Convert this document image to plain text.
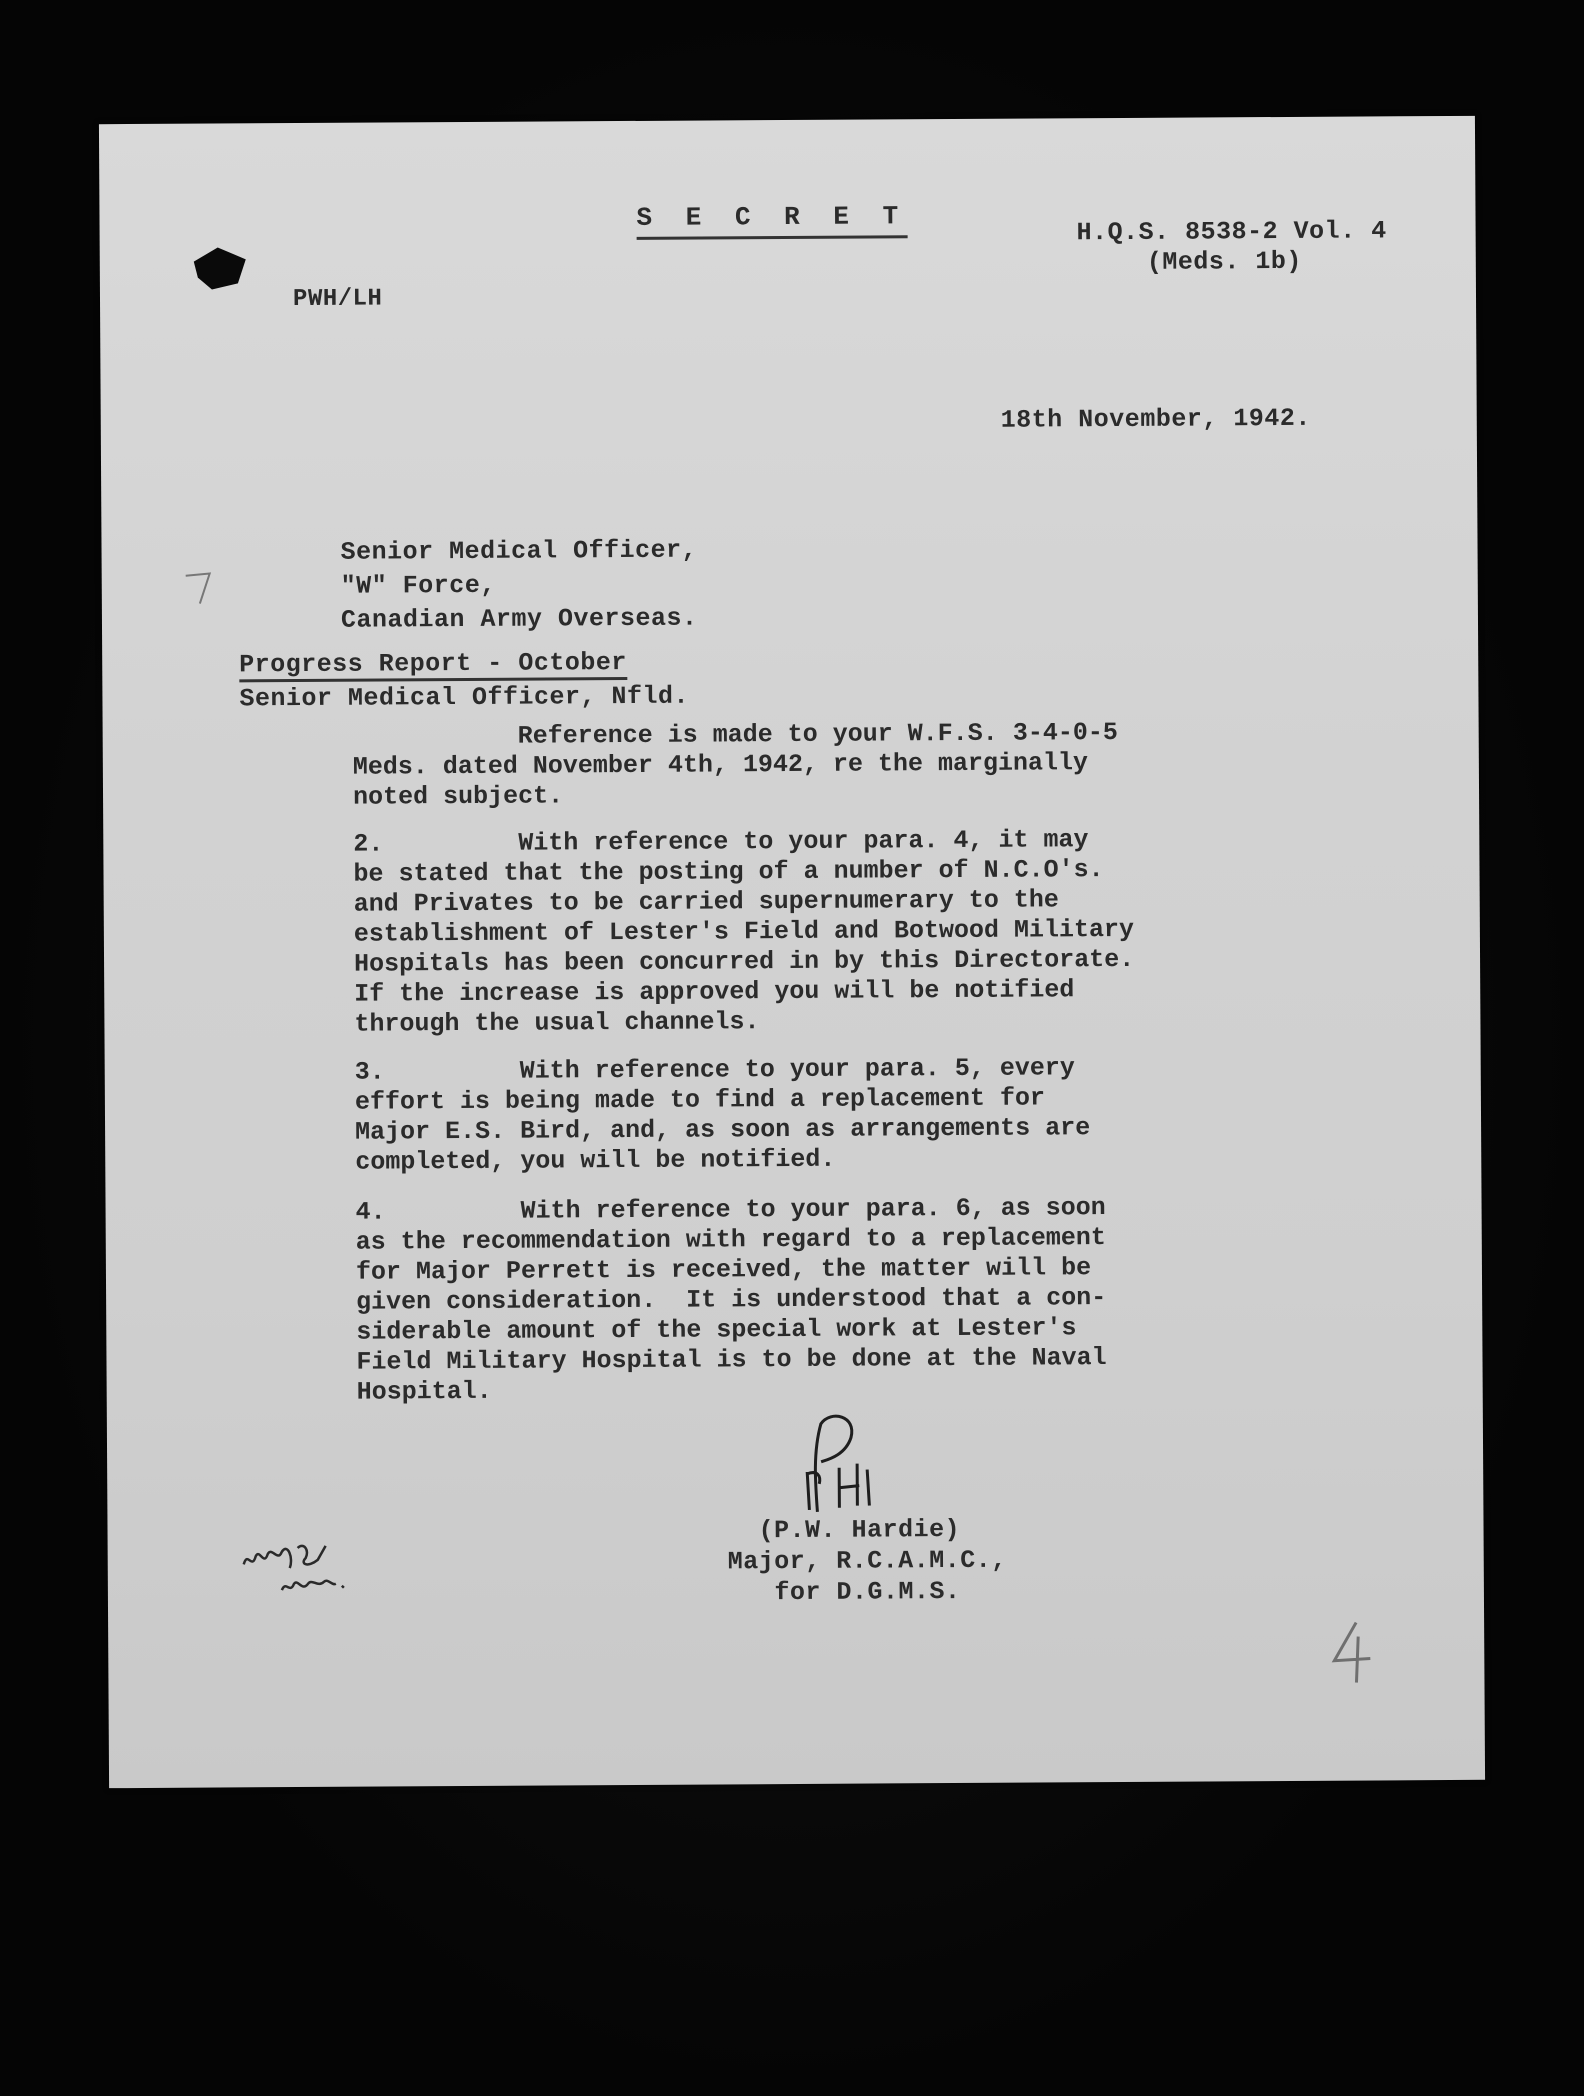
S E C R E T	H.Q.S. 8538-2 Vol. 4

(Meds. 1b)

PWH/LH

18th November, 1942.

Senior Medical Officer,
"W" Force,
Canadian Army Overseas.
Progress Report - October
Senior Medical Officer, Nfld.

Reference is made to your W.F.S. 3-4-0-5
Meds. dated November 4th, 1942, re the marginally
noted subject.

2.         With reference to your para. 4, it may
be stated that the posting of a number of N.C.O's.
and Privates to be carried supernumerary to the
establishment of Lester's Field and Botwood Military
Hospitals has been concurred in by this Directorate.
If the increase is approved you will be notified
through the usual channels.

3.         With reference to your para. 5, every
effort is being made to find a replacement for
Major E.S. Bird, and, as soon as arrangements are
completed, you will be notified.

4.         With reference to your para. 6, as soon
as the recommendation with regard to a replacement
for Major Perrett is received, the matter will be
given consideration.  It is understood that a con-
siderable amount of the special work at Lester's
Field Military Hospital is to be done at the Naval
Hospital.

(P.W. Hardie)
Major, R.C.A.M.C.,
for D.G.M.S.
